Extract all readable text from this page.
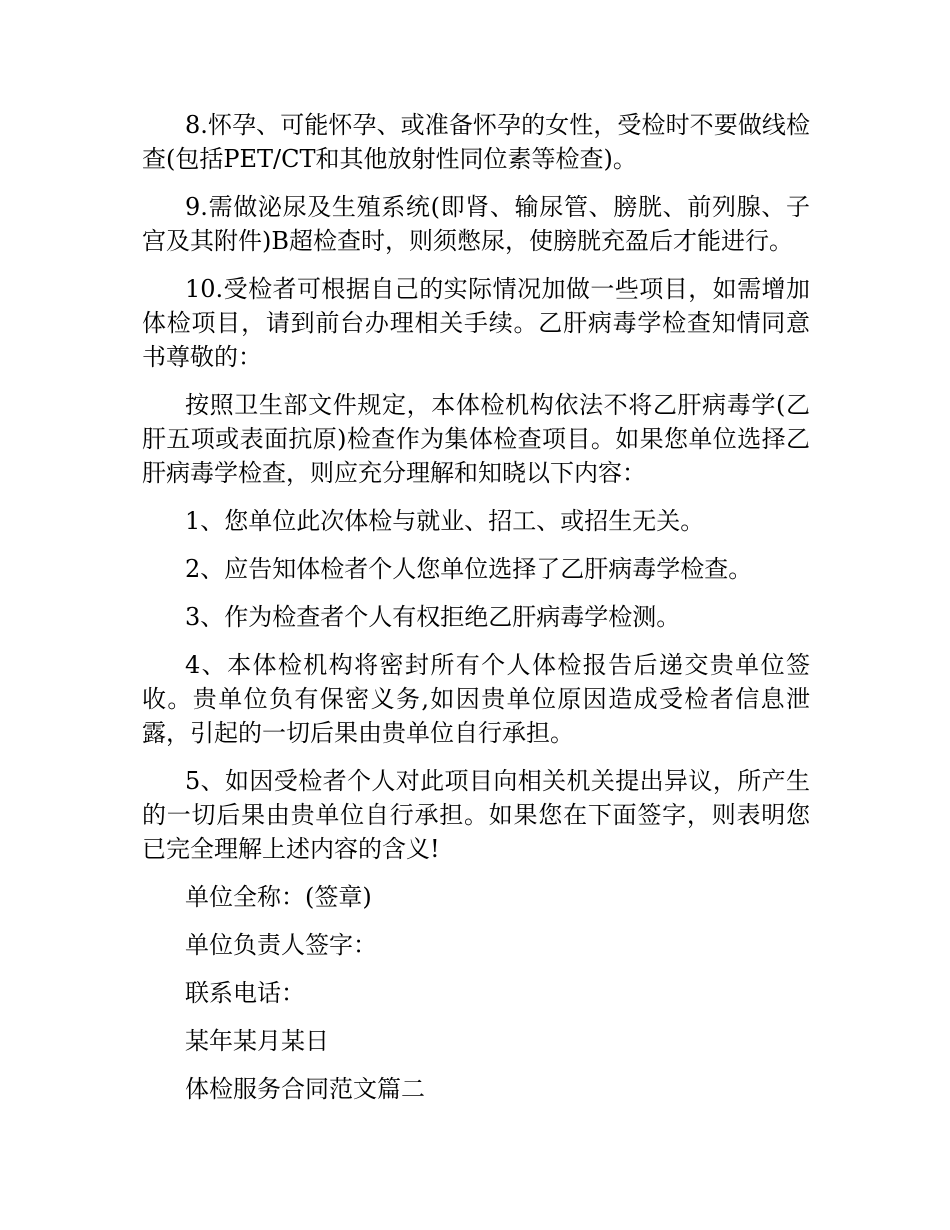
8.怀孕、可能怀孕、或准备怀孕的女性，受检时不要做线检查(包括PET/CT和其他放射性同位素等检查)。

9.需做泌尿及生殖系统(即肾、输尿管、膀胱、前列腺、子宫及其附件)B超检查时，则须憋尿，使膀胱充盈后才能进行。

10.受检者可根据自己的实际情况加做一些项目，如需增加体检项目，请到前台办理相关手续。乙肝病毒学检查知情同意书尊敬的：

按照卫生部文件规定，本体检机构依法不将乙肝病毒学(乙肝五项或表面抗原)检查作为集体检查项目。如果您单位选择乙肝病毒学检查，则应充分理解和知晓以下内容：

1、您单位此次体检与就业、招工、或招生无关。

2、应告知体检者个人您单位选择了乙肝病毒学检查。

3、作为检查者个人有权拒绝乙肝病毒学检测。

4、本体检机构将密封所有个人体检报告后递交贵单位签收。贵单位负有保密义务,如因贵单位原因造成受检者信息泄露，引起的一切后果由贵单位自行承担。

5、如因受检者个人对此项目向相关机关提出异议，所产生的一切后果由贵单位自行承担。如果您在下面签字，则表明您已完全理解上述内容的含义!

单位全称：(签章)

单位负责人签字：

联系电话：

某年某月某日

体检服务合同范文篇二
